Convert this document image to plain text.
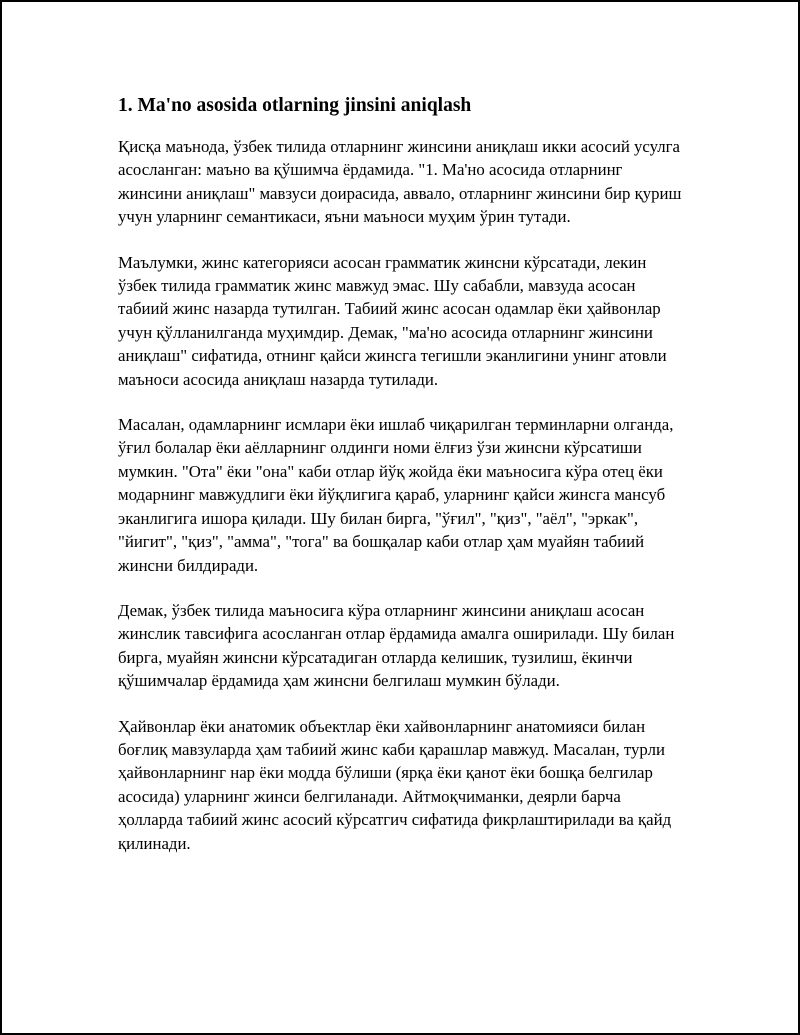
1. Ma'no asosida otlarning jinsini aniqlash

Қисқа маънода, ўзбек тилида отларнинг жинсини аниқлаш икки асосий усулга асосланган: маъно ва қўшимча ёрдамида. "1. Ма'но асосида отларнинг жинсини аниқлаш" мавзуси доирасида, аввало, отларнинг жинсини бир қуриш учун уларнинг семантикаси, яъни маъноси муҳим ўрин тутади.

Маълумки, жинс категорияси асосан грамматик жинсни кўрсатади, лекин ўзбек тилида грамматик жинс мавжуд эмас. Шу сабабли, мавзуда асосан табиий жинс назарда тутилган. Табиий жинс асосан одамлар ёки ҳайвонлар учун қўлланилганда муҳимдир. Демак, "ма'но асосида отларнинг жинсини аниқлаш" сифатида, отнинг қайси жинсга тегишли эканлигини унинг атовли маъноси асосида аниқлаш назарда тутилади.

Масалан, одамларнинг исмлари ёки ишлаб чиқарилган терминларни олганда, ўғил болалар ёки аёлларнинг олдинги номи ёлғиз ўзи жинсни кўрсатиши мумкин. "Ота" ёки "она" каби отлар йўқ жойда ёки маъносига кўра отец ёки модарнинг мавжудлиги ёки йўқлигига қараб, уларнинг қайси жинсга мансуб эканлигига ишора қилади. Шу билан бирга, "ўғил", "қиз", "аёл", "эркак", "йигит", "қиз", "амма", "тога" ва бошқалар каби отлар ҳам муайян табиий жинсни билдиради.

Демак, ўзбек тилида маъносига кўра отларнинг жинсини аниқлаш асосан жинслик тавсифига асосланган отлар ёрдамида амалга оширилади. Шу билан бирга, муайян жинсни кўрсатадиган отларда келишик, тузилиш, ёкинчи қўшимчалар ёрдамида ҳам жинсни белгилаш мумкин бўлади.

Ҳайвонлар ёки анатомик объектлар ёки хайвонларнинг анатомияси билан боғлиқ мавзуларда ҳам табиий жинс каби қарашлар мавжуд. Масалан, турли ҳайвонларнинг нар ёки модда бўлиши (ярқа ёки қанот ёки бошқа белгилар асосида) уларнинг жинси белгиланади. Айтмоқчиманки, деярли барча ҳолларда табиий жинс асосий кўрсатгич сифатида фикрлаштирилади ва қайд қилинади.
